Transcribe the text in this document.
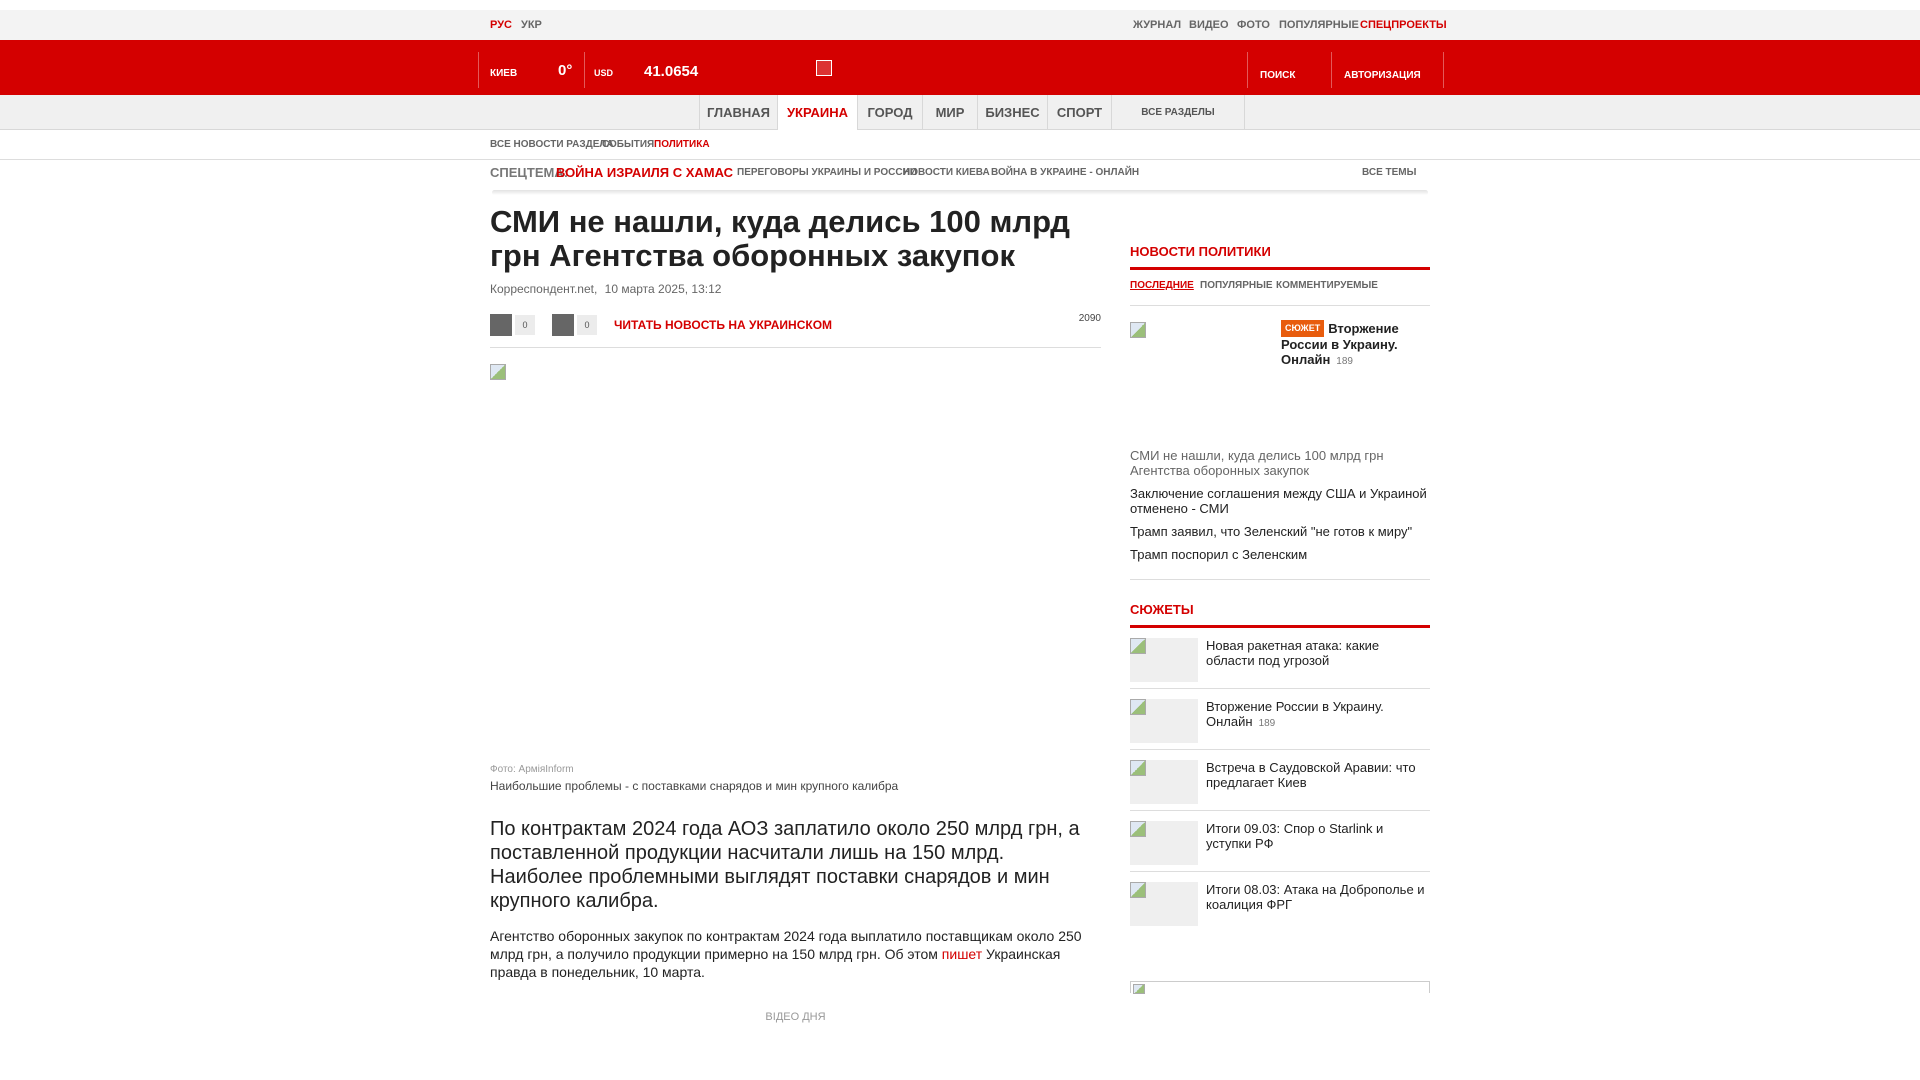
РУС УКР	ЖУРНАЛ ВИДЕО ФОТО ПОПУЛЯРНЫЕ СПЕЦПРОЕКТЫ
КИЕВ	0° USD 41.0654	ПОИСК	АВТОРИЗАЦИЯ
ГЛАВНАЯ	УКРАИНА	ГОРОД	МИР	БИЗНЕС	СПОРТ	ВСЕ РАЗДЕЛЫ
ВСЕ НОВОСТИ РАЗДЕЛА
СОБЫТИЯ ПОЛИТИКА
СПЕЦТЕМА:
ВОЙНА ИЗРАИЛЯ С ХАМАС ПЕРЕГОВОРЫ УКРАИНЫ И РОССИИ
НОВОСТИ КИЕВА ВОЙНА В УКРАИНЕ - ОНЛАЙН	ВСЕ ТЕМЫ
СМИ не нашли, куда делись 100 млрд грн Агентства оборонных закупок
Корреспондент.net, 10 марта 2025, 13:12
0	0	ЧИТАТЬ НОВОСТЬ НА УКРАИНСКОМ	2090
Фото: АрміяInform
Наибольшие проблемы - с поставками снарядов и мин крупного калибра

По контрактам 2024 года АОЗ заплатило около 250 млрд грн, а поставленной продукции насчитали лишь на 150 млрд. Наиболее проблемными выглядят поставки снарядов и мин крупного калибра.

Агентство оборонных закупок по контрактам 2024 года выплатило поставщикам около 250 млрд грн, а получило продукции примерно на 150 млрд грн. Об этом пишет Украинская правда в понедельник, 10 марта.

ВІДЕО ДНЯ
НОВОСТИ ПОЛИТИКИ
ПОСЛЕДНИЕ ПОПУЛЯРНЫЕ КОММЕНТИРУЕМЫЕ
СЮЖЕТ Вторжение России в Украину. Онлайн 189
СМИ не нашли, куда делись 100 млрд грн Агентства оборонных закупок
Заключение соглашения между США и Украиной отменено - СМИ
Трамп заявил, что Зеленский "не готов к миру"
Трамп поспорил с Зеленским
СЮЖЕТЫ
Новая ракетная атака: какие области под угрозой
Вторжение России в Украину. Онлайн 189
Встреча в Саудовской Аравии: что предлагает Киев
Итоги 09.03: Спор о Starlink и уступки РФ
Итоги 08.03: Атака на Доброполье и коалиция ФРГ
